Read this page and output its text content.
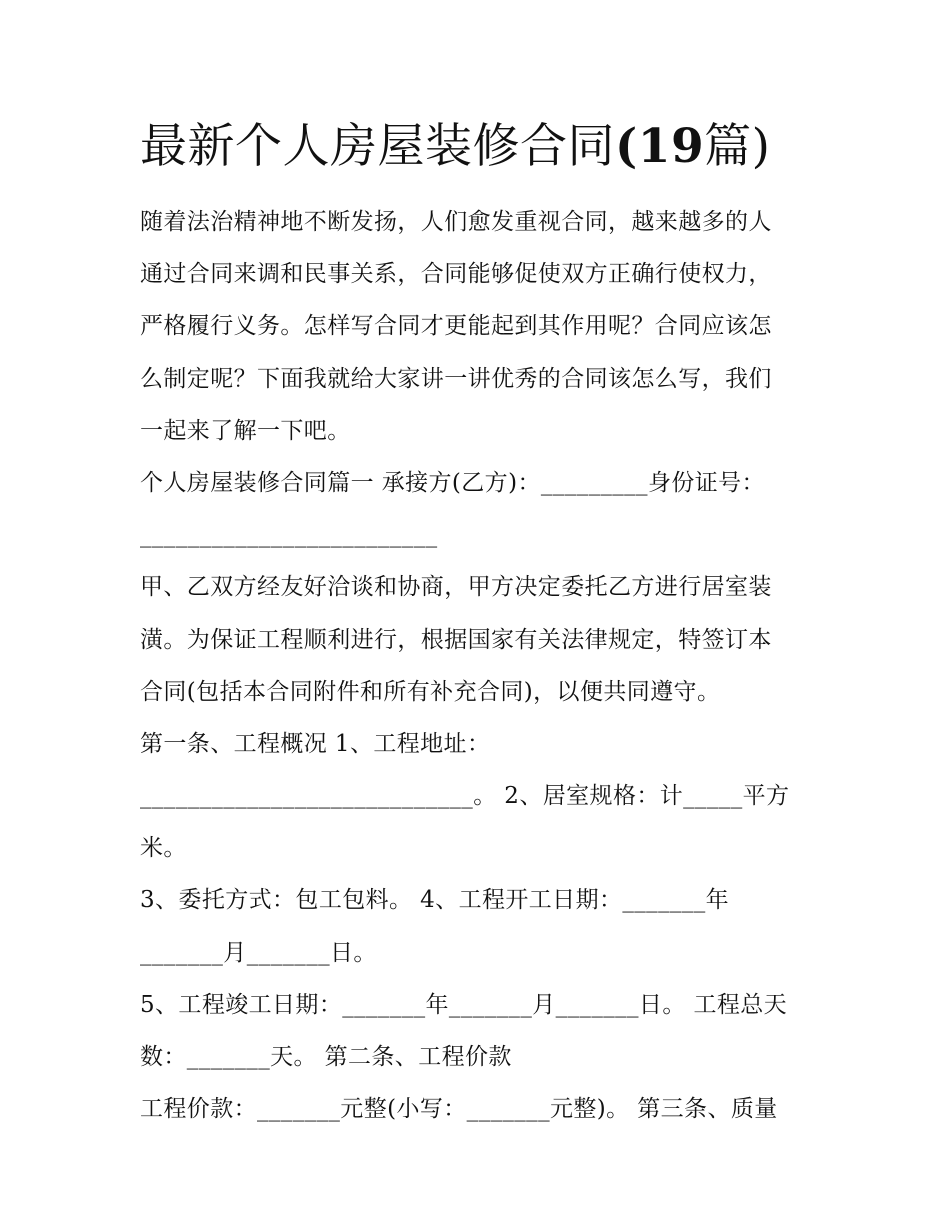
最新个人房屋装修合同(19篇)
随着法治精神地不断发扬，人们愈发重视合同，越来越多的人
通过合同来调和民事关系，合同能够促使双方正确行使权力，
严格履行义务。怎样写合同才更能起到其作用呢？合同应该怎
么制定呢？下面我就给大家讲一讲优秀的合同该怎么写，我们
一起来了解一下吧。
个人房屋装修合同篇一 承接方(乙方)：_________身份证号：
_________________________
甲、乙双方经友好洽谈和协商，甲方决定委托乙方进行居室装
潢。为保证工程顺利进行，根据国家有关法律规定，特签订本
合同(包括本合同附件和所有补充合同)，以便共同遵守。
第一条、工程概况 1、工程地址：
____________________________。 2、居室规格：计_____平方
米。
3、委托方式：包工包料。 4、工程开工日期：_______年
_______月_______日。
5、工程竣工日期：_______年_______月_______日。 工程总天
数：_______天。 第二条、工程价款
工程价款：_______元整(小写：_______元整)。 第三条、质量
